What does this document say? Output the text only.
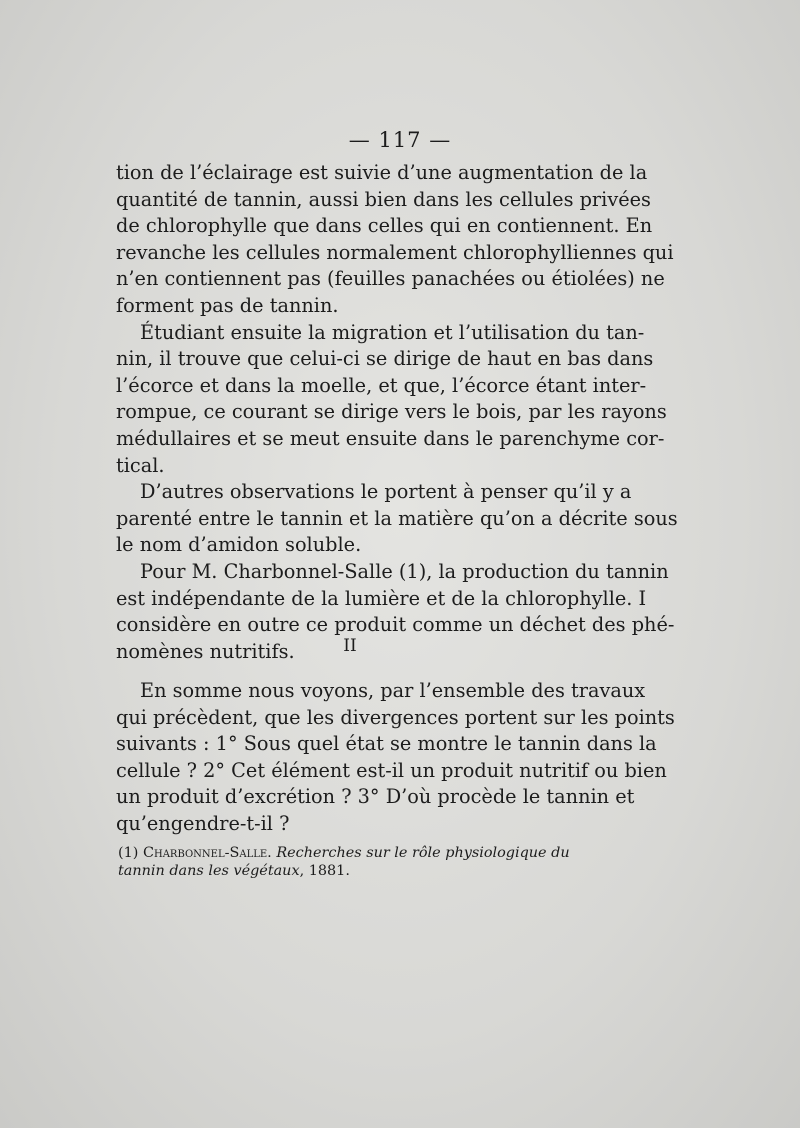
— 117 —
tion de l’éclairage est suivie d’une augmentation de la
quantité de tannin, aussi bien dans les cellules privées
de chlorophylle que dans celles qui en contiennent. En
revanche les cellules normalement chlorophylliennes qui
n’en contiennent pas (feuilles panachées ou étiolées) ne
forment pas de tannin.
Étudiant ensuite la migration et l’utilisation du tan-
nin, il trouve que celui-ci se dirige de haut en bas dans
l’écorce et dans la moelle, et que, l’écorce étant inter-
rompue, ce courant se dirige vers le bois, par les rayons
médullaires et se meut ensuite dans le parenchyme cor-
tical.
D’autres observations le portent à penser qu’il y a
parenté entre le tannin et la matière qu’on a décrite sous
le nom d’amidon soluble.
Pour M. Charbonnel-Salle (1), la production du tannin
est indépendante de la lumière et de la chlorophylle. I
considère en outre ce produit comme un déchet des phé-
nomènes nutritifs.	II
En somme nous voyons, par l’ensemble des travaux
qui précèdent, que les divergences portent sur les points
suivants : 1° Sous quel état se montre le tannin dans la
cellule ? 2° Cet élément est-il un produit nutritif ou bien
un produit d’excrétion ? 3° D’où procède le tannin et
qu’engendre-t-il ?
(1) Charbonnel-Salle. Recherches sur le rôle physiologique du tannin dans les végétaux, 1881.
